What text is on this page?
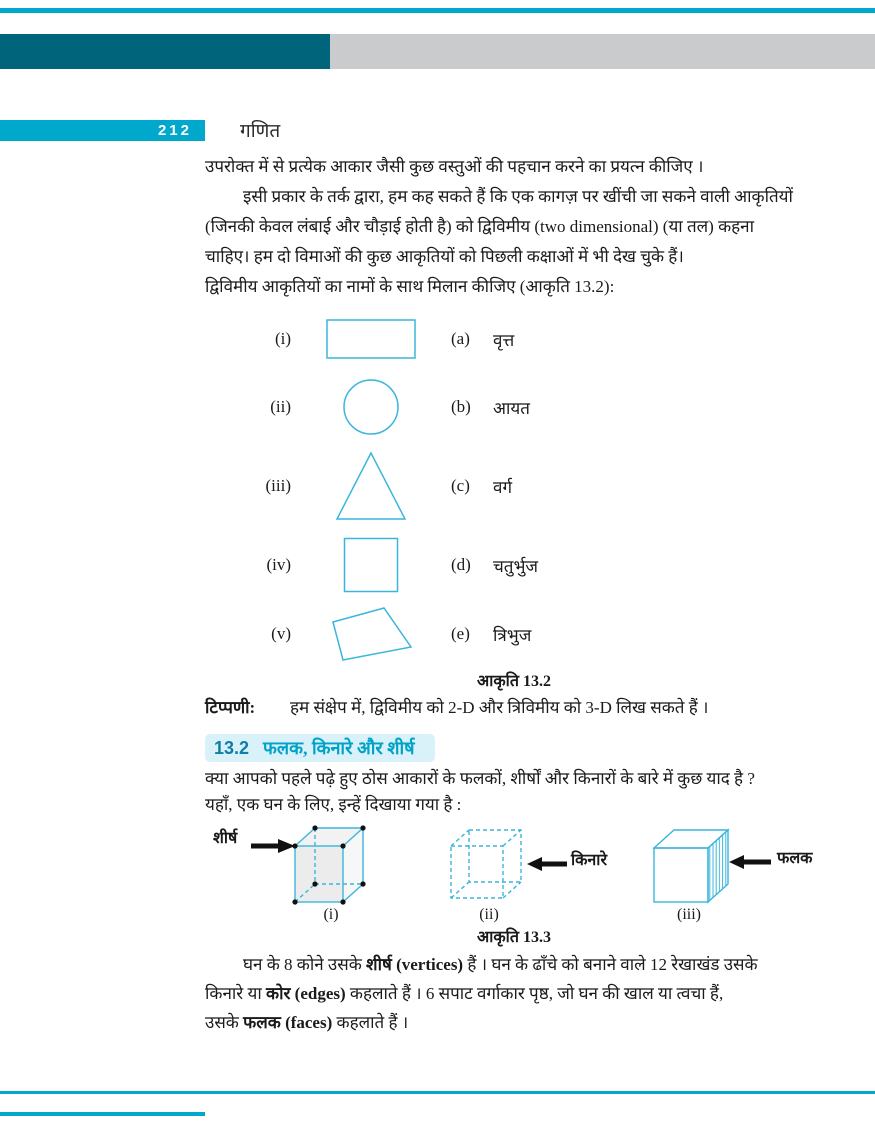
212	गणित
उपरोक्त में से प्रत्येक आकार जैसी कुछ वस्तुओं की पहचान करने का प्रयत्न कीजिए ।
इसी प्रकार के तर्क द्वारा, हम कह सकते हैं कि एक कागज़ पर खींची जा सकने वाली आकृतियों
(जिनकी केवल लंबाई और चौड़ाई होती है) को द्विविमीय (two dimensional) (या तल) कहना
चाहिए। हम दो विमाओं की कुछ आकृतियों को पिछली कक्षाओं में भी देख चुके हैं।
द्विविमीय आकृतियों का नामों के साथ मिलान कीजिए (आकृति 13.2):
(i)	(a)	वृत्त
(ii)	(b)	आयत
(iii)	(c)	वर्ग
(iv)	(d)	चतुर्भुज
(v)	(e)	त्रिभुज
आकृति 13.2
टिप्पणी:	हम संक्षेप में, द्विविमीय को 2-D और त्रिविमीय को 3-D लिख सकते हैं ।
13.2 फलक, किनारे और शीर्ष
क्या आपको पहले पढ़े हुए ठोस आकारों के फलकों, शीर्षों और किनारों के बारे में कुछ याद है ?
यहाँ, एक घन के लिए, इन्हें दिखाया गया है :
शीर्ष
किनारे	फलक
(i)	(ii)	(iii)
आकृति 13.3
घन के 8 कोने उसके शीर्ष (vertices) हैं । घन के ढाँचे को बनाने वाले 12 रेखाखंड उसके
किनारे या कोर (edges) कहलाते हैं । 6 सपाट वर्गाकार पृष्ठ, जो घन की खाल या त्वचा हैं,
उसके फलक (faces) कहलाते हैं ।
